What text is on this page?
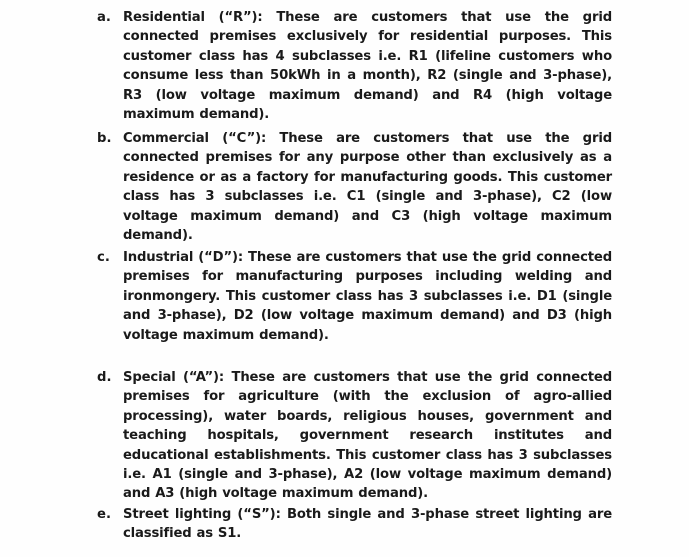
a. Residential (“R”): These are customers that use the grid connected premises exclusively for residential purposes. This customer class has 4 subclasses i.e. R1 (lifeline customers who consume less than 50kWh in a month), R2 (single and 3-phase), R3 (low voltage maximum demand) and R4 (high voltage maximum demand).
b. Commercial (“C”): These are customers that use the grid connected premises for any purpose other than exclusively as a residence or as a factory for manufacturing goods. This customer class has 3 subclasses i.e. C1 (single and 3-phase), C2 (low voltage maximum demand) and C3 (high voltage maximum demand).
c. Industrial (“D”): These are customers that use the grid connected premises for manufacturing purposes including welding and ironmongery. This customer class has 3 subclasses i.e. D1 (single and 3-phase), D2 (low voltage maximum demand) and D3 (high voltage maximum demand).
d. Special (“A”): These are customers that use the grid connected premises for agriculture (with the exclusion of agro-allied processing), water boards, religious houses, government and teaching hospitals, government research institutes and educational establishments. This customer class has 3 subclasses i.e. A1 (single and 3-phase), A2 (low voltage maximum demand) and A3 (high voltage maximum demand).
e. Street lighting (“S”): Both single and 3-phase street lighting are classified as S1.
